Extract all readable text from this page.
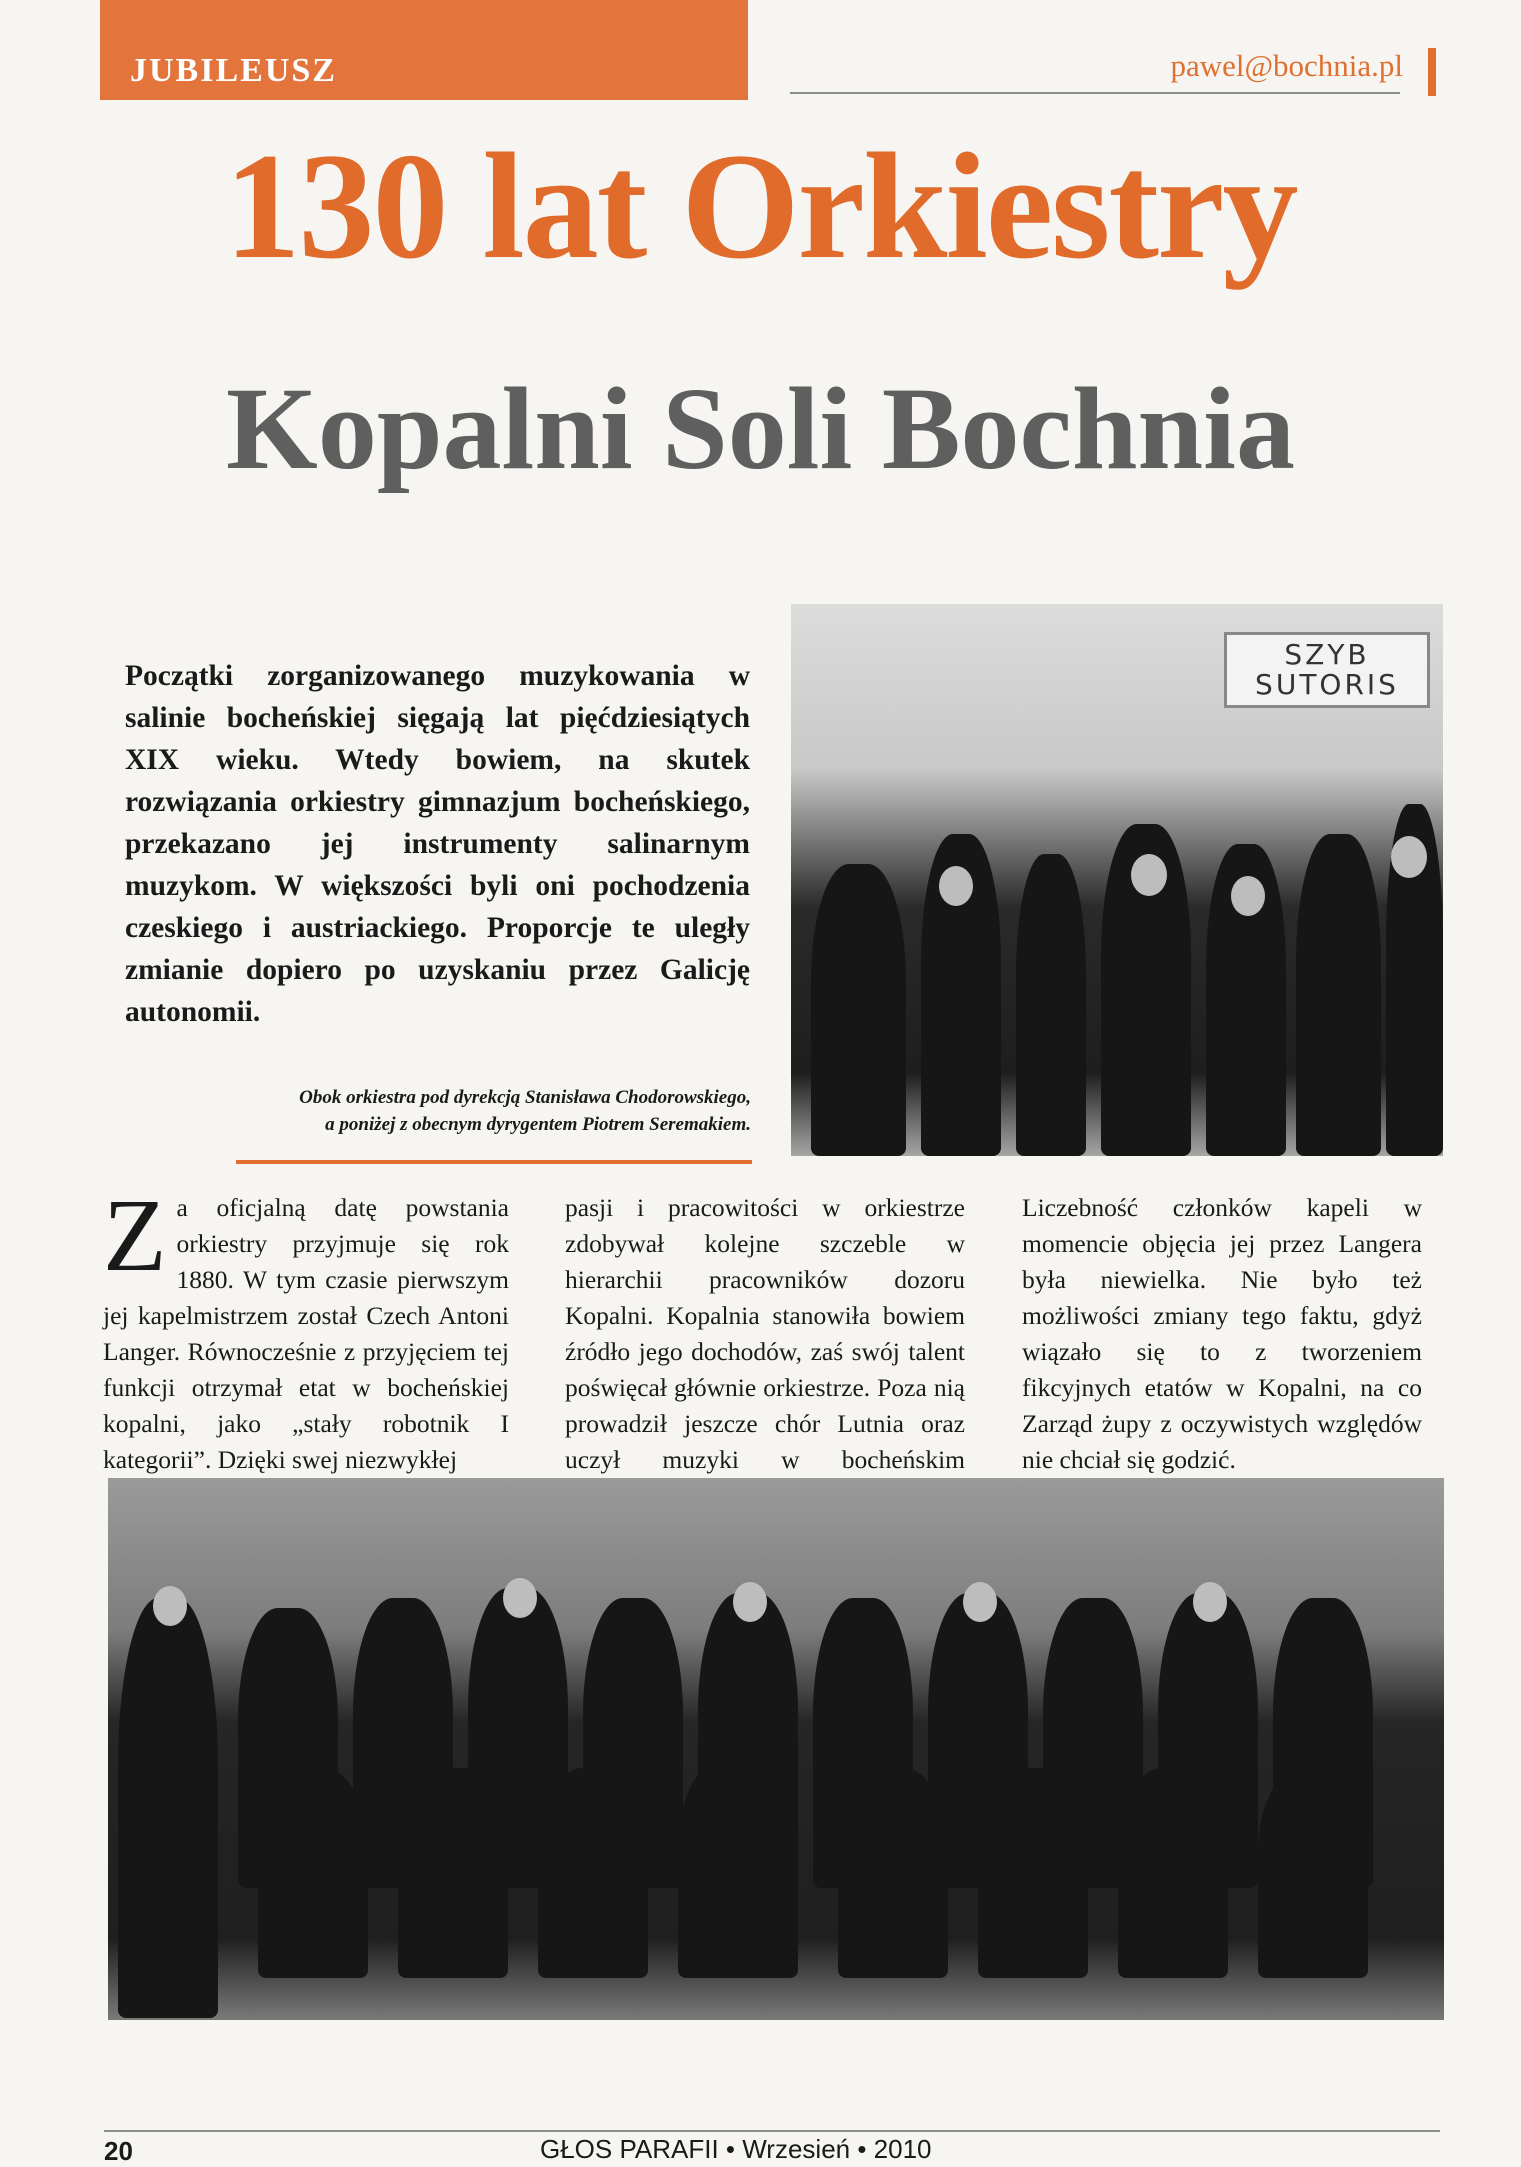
JUBILEUSZ	pawel@bochnia.pl
130 lat Orkiestry
Kopalni Soli Bochnia
Początki zorganizowanego muzykowania w salinie bocheńskiej sięgają lat pięćdziesiątych XIX wieku. Wtedy bowiem, na skutek rozwiązania orkiestry gimnazjum bocheńskiego, przekazano jej instrumenty salinarnym muzykom. W większości byli oni pochodzenia czeskiego i austriackiego. Proporcje te uległy zmianie dopiero po uzyskaniu przez Galicję autonomii.
SZYB
SUTORIS
Obok orkiestra pod dyrekcją Stanisława Chodorowskiego,
a poniżej z obecnym dyrygentem Piotrem Seremakiem.

Za oficjalną datę powstania orkiestry przyjmuje się rok 1880. W tym czasie pierwszym jej kapelmistrzem został Czech Antoni Langer. Równocześnie z przyjęciem tej funkcji otrzymał etat w bocheńskiej kopalni, jako „stały robotnik I kategorii”. Dzięki swej niezwykłej

pasji i pracowitości w orkiestrze zdobywał kolejne szczeble w hierarchii pracowników dozoru Kopalni. Kopalnia stanowiła bowiem źródło jego dochodów, zaś swój talent poświęcał głównie orkiestrze. Poza nią prowadził jeszcze chór Lutnia oraz uczył muzyki w bocheńskim

Liczebność członków kapeli w momencie objęcia jej przez Langera była niewielka. Nie było też możliwości zmiany tego faktu, gdyż wiązało się to z tworzeniem fikcyjnych etatów w Kopalni, na co Zarząd żupy z oczywistych względów nie chciał się godzić.

20	GŁOS PARAFII • Wrzesień • 2010
